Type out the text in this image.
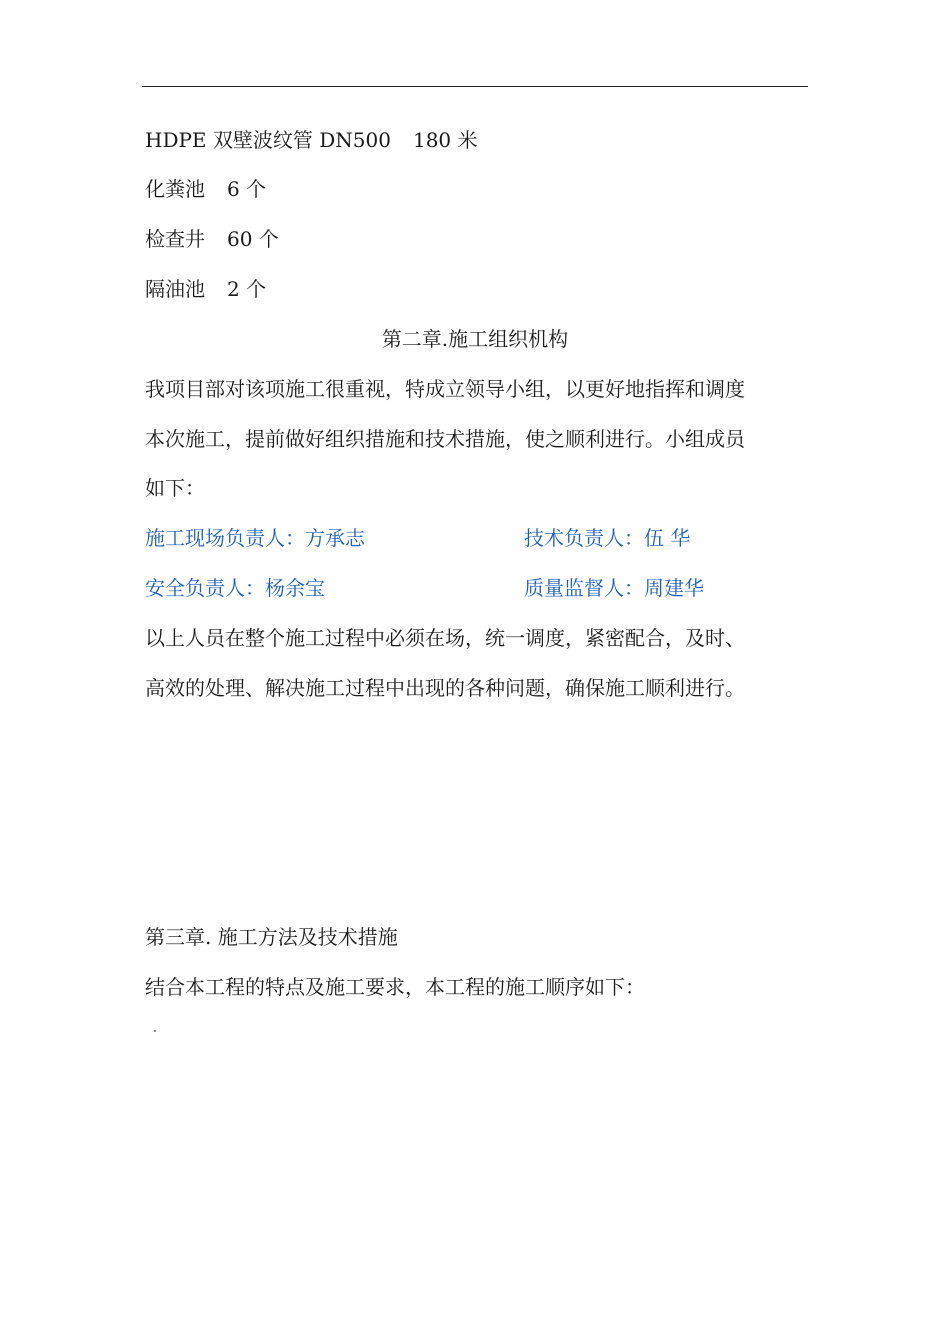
HDPE 双壁波纹管 DN500 180 米
化粪池 6 个
检查井 60 个
隔油池 2 个
第二章.施工组织机构
我项目部对该项施工很重视，特成立领导小组，以更好地指挥和调度
本次施工，提前做好组织措施和技术措施，使之顺利进行。小组成员
如下：
施工现场负责人：方承志	技术负责人：伍 华
安全负责人：杨余宝	质量监督人：周建华
以上人员在整个施工过程中必须在场，统一调度，紧密配合，及时、
高效的处理、解决施工过程中出现的各种问题，确保施工顺利进行。
第三章. 施工方法及技术措施
结合本工程的特点及施工要求，本工程的施工顺序如下：
